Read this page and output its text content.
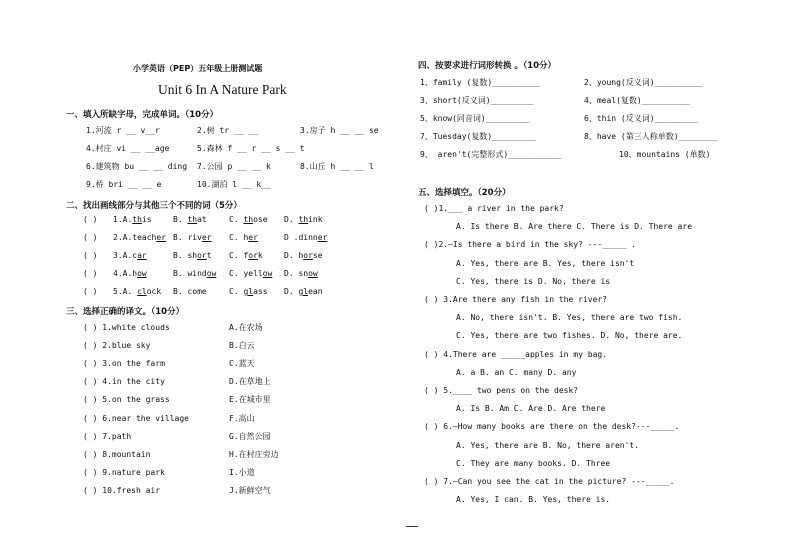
小学英语（PEP）五年级上册测试题
Unit 6 In A Nature Park
一、填入所缺字母，完成单词。（10分）
1.河流 r __ v__r	2.树 tr __ __	3.房子 h __ __ se
4.村庄 vi __ __age	5.森林 f __ r __ s __ t
6.建筑物 bu __ __ ding 7.公园 p __ __ k	8.山丘 h __ __ l
9.桥 bri __ __ e	10.湖泊 l __ k__
二、找出画线部分与其他三个不同的词（5分）
( ) 1.A.this	B. that	C. those D. think
( ) 2.A.teacher B. river C. her	D .dinner
( ) 3.A.car	B. short C. fork	D. horse
( ) 4.A.how	B. window C. yellow D. snow
( ) 5.A. clock B. come	C. glass D. glean
三、选择正确的译文。（10分）
( ) 1.white clouds	A.在农场
( ) 2.blue sky	B.白云
( ) 3.on the farm	C.蓝天
( ) 4.in the city	D.在草地上
( ) 5.on the grass	E.在城市里
( ) 6.near the village	F.高山
( ) 7.path	G.自然公园
( ) 8.mountain	H.在村庄旁边
( ) 9.nature park	I.小道
( ) 10.fresh air	J.新鲜空气
四、按要求进行词形转换 。（10分）
1、family (复数)__________	2、young(反义词)__________
3、short(反义词)_________	4、meal(复数)__________
5、know(同音词)_________	6、thin (反义词)_________
7、Tuesday(复数)_________	8、have (第三人称单数)________
9、 aren't(完整形式)___________	10、mountains (单数)
五、选择填空。（20分）
( )1.___ a river in the park?
A. Is there B. Are there C. There is D. There are
( )2.—Is there a bird in the sky? ---_____ .
A. Yes, there are B. Yes, there isn't
C. Yes, there is D. No, there is
( ) 3.Are there any fish in the river?
A. No, there isn't. B. Yes, there are two fish.
C. Yes, there are two fishes. D. No, there are.
( ) 4.There are _____apples in my bag.
A. a B. an C. many D. any
( ) 5.____ two pens on the desk?
A. Is B. Am C. Are D. Are there
( ) 6.—How many books are there on the desk?---_____.
A. Yes, there are B. No, there aren't.
C. They are many books. D. Three
( ) 7.—Can you see the cat in the picture? ---_____.
A. Yes, I can. B. Yes, there is.
